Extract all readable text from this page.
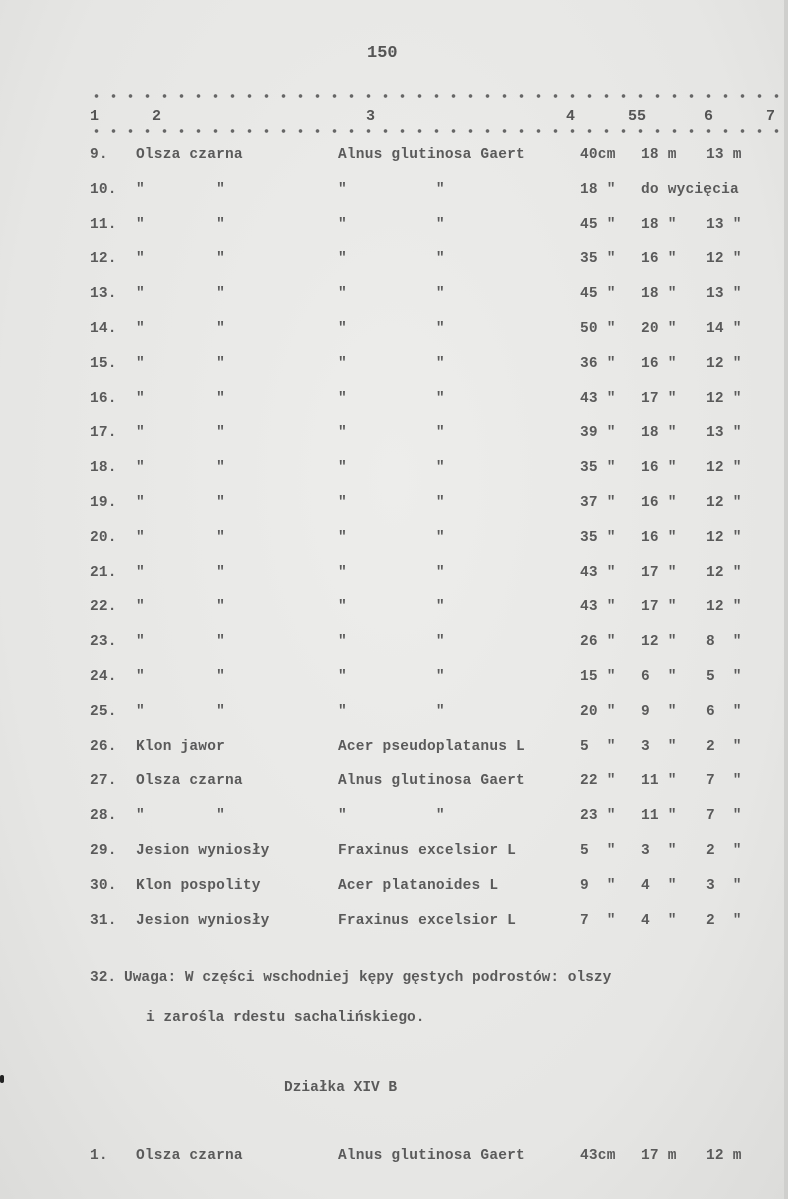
150
1	2	3	4	55	6	7
9. Olsza czarna	Alnus glutinosa Gaert	40cm 18 m 13 m
10. "        "	"          "	18 " do wycięcia
11. "        "	"          "	45 " 18 " 13 "
12. "        "	"          "	35 " 16 " 12 "
13. "        "	"          "	45 " 18 " 13 "
14. "        "	"          "	50 " 20 " 14 "
15. "        "	"          "	36 " 16 " 12 "
16. "        "	"          "	43 " 17 " 12 "
17. "        "	"          "	39 " 18 " 13 "
18. "        "	"          "	35 " 16 " 12 "
19. "        "	"          "	37 " 16 " 12 "
20. "        "	"          "	35 " 16 " 12 "
21. "        "	"          "	43 " 17 " 12 "
22. "        "	"          "	43 " 17 " 12 "
23. "        "	"          "	26 " 12 " 8  "
24. "        "	"          "	15 " 6  " 5  "
25. "        "	"          "	20 " 9  " 6  "
26. Klon jawor	Acer pseudoplatanus L	5  " 3  " 2  "
27. Olsza czarna	Alnus glutinosa Gaert	22 " 11 " 7  "
28. "        "	"          "	23 " 11 " 7  "
29. Jesion wyniosły	Fraxinus excelsior L	5  " 3  " 2  "
30. Klon pospolity	Acer platanoides L	9  " 4  " 3  "
31. Jesion wyniosły	Fraxinus excelsior L	7  " 4  " 2  "
32. Uwaga: W części wschodniej kępy gęstych podrostów: olszy
i zarośla rdestu sachalińskiego.
Działka XIV B
1. Olsza czarna	Alnus glutinosa Gaert	43cm 17 m 12 m
